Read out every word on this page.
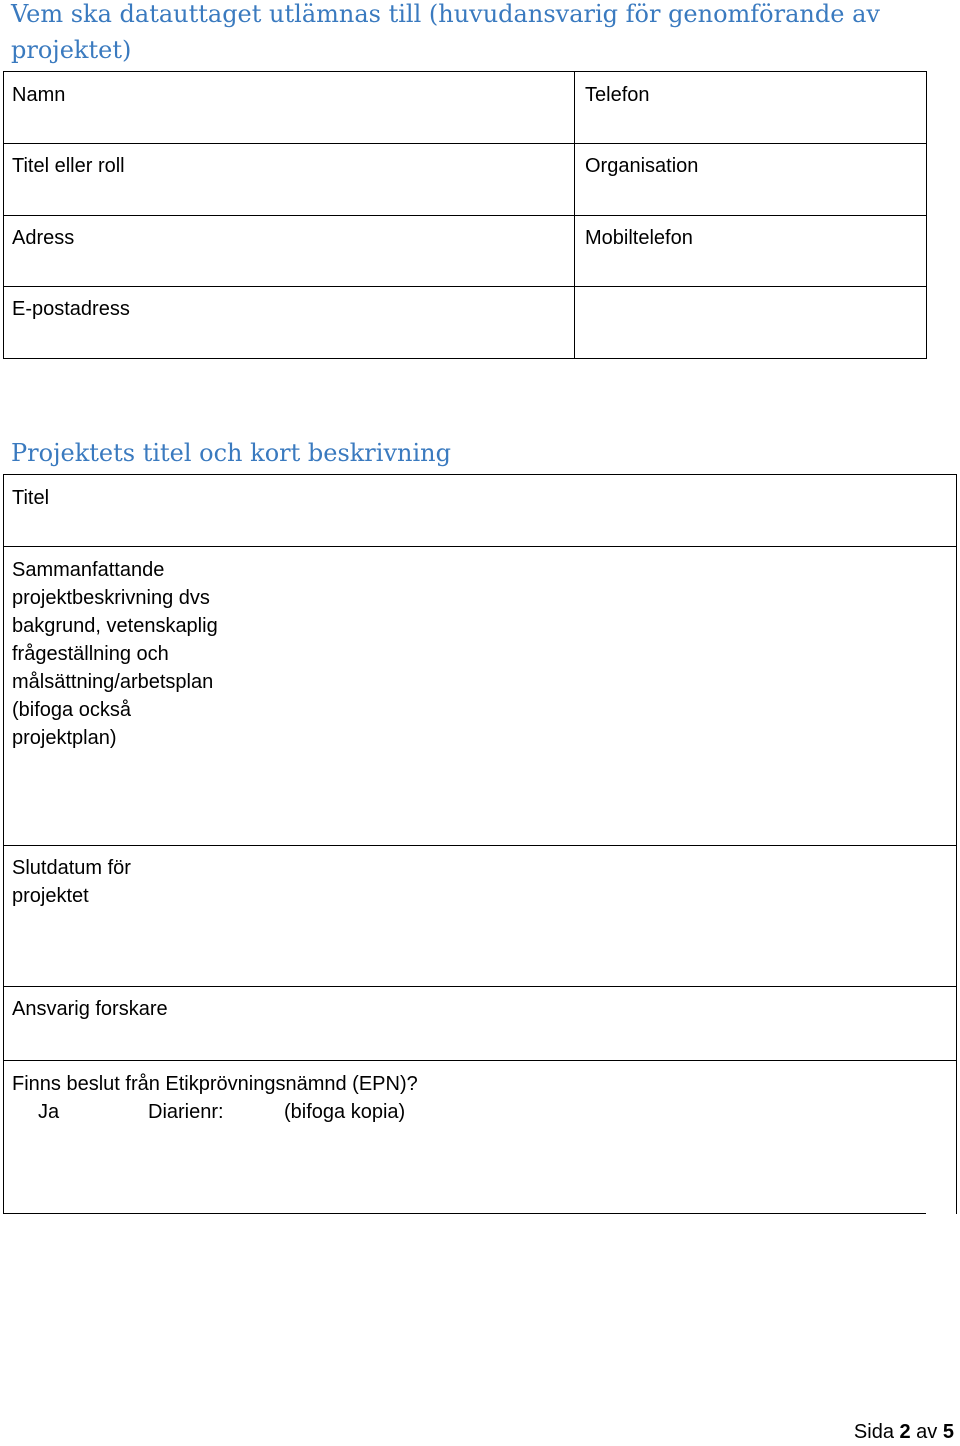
Vem ska datauttaget utlämnas till (huvudansvarig för genomförande av projektet)
Namn	Telefon
Titel eller roll	Organisation
Adress	Mobiltelefon
E-postadress
Projektets titel och kort beskrivning
Titel
Sammanfattande
projektbeskrivning dvs
bakgrund, vetenskaplig
frågeställning och
målsättning/arbetsplan
(bifoga också
projektplan)
Slutdatum för
projektet
Ansvarig forskare
Finns beslut från Etikprövningsnämnd (EPN)?
Ja	Diarienr:	(bifoga kopia)
Sida 2 av 5
